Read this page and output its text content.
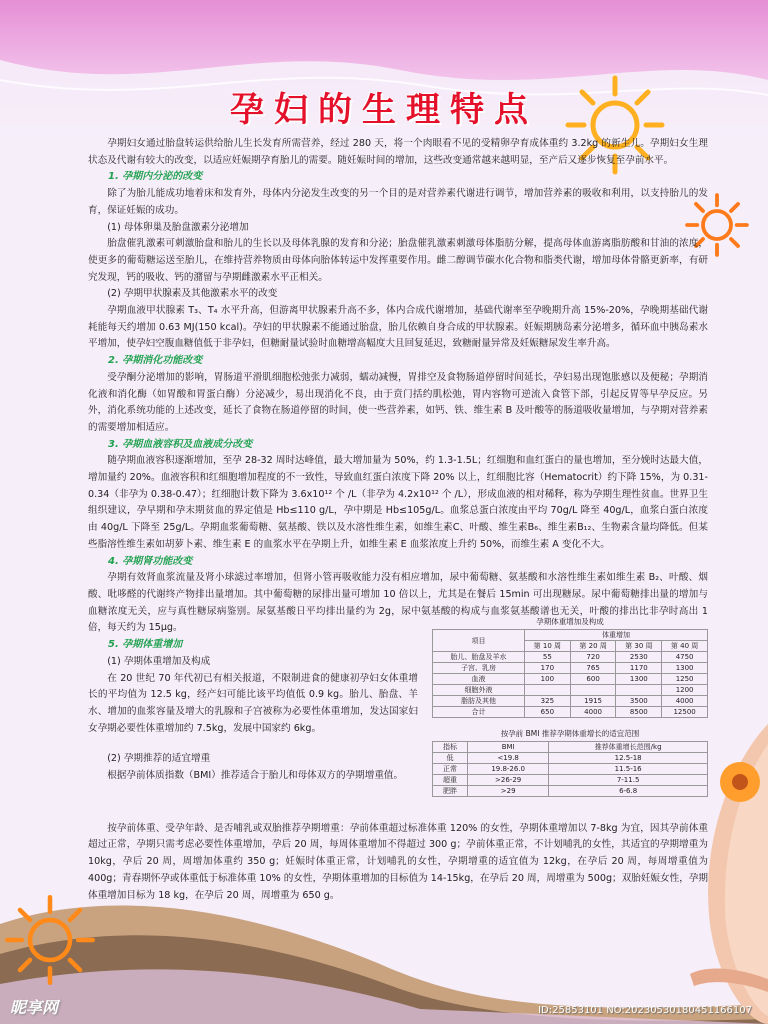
孕妇的生理特点

孕期妇女通过胎盘转运供给胎儿生长发育所需营养，经过 280 天，将一个肉眼看不见的受精卵孕育成体重约 3.2kg 的新生儿。孕期妇女生理状态及代谢有较大的改变，以适应妊娠期孕育胎儿的需要。随妊娠时间的增加，这些改变通常越来越明显，至产后又逐步恢复至孕前水平。

1. 孕期内分泌的改变

除了为胎儿能成功地着床和发育外，母体内分泌发生改变的另一个目的是对营养素代谢进行调节，增加营养素的吸收和利用，以支持胎儿的发育，保证妊娠的成功。

(1) 母体卵巢及胎盘激素分泌增加

胎盘催乳激素可刺激胎盘和胎儿的生长以及母体乳腺的发育和分泌；胎盘催乳激素刺激母体脂肪分解，提高母体血游离脂肪酸和甘油的浓度，使更多的葡萄糖运送至胎儿，在维持营养物质由母体向胎体转运中发挥重要作用。雌二醇调节碳水化合物和脂类代谢，增加母体骨骼更新率，有研究发现，钙的吸收、钙的潴留与孕期雌激素水平正相关。

(2) 孕期甲状腺素及其他激素水平的改变

孕期血液甲状腺素 T₃、T₄ 水平升高，但游离甲状腺素升高不多，体内合成代谢增加，基础代谢率至孕晚期升高 15%-20%，孕晚期基础代谢耗能每天约增加 0.63 MJ(150 kcal)。孕妇的甲状腺素不能通过胎盘，胎儿依赖自身合成的甲状腺素。妊娠期胰岛素分泌增多，循环血中胰岛素水平增加，使孕妇空腹血糖值低于非孕妇，但糖耐量试验时血糖增高幅度大且回复延迟，致糖耐量异常及妊娠糖尿发生率升高。

2. 孕期消化功能改变

受孕酮分泌增加的影响，胃肠道平滑肌细胞松弛张力减弱，蠕动减慢，胃排空及食物肠道停留时间延长，孕妇易出现饱胀感以及便秘；孕期消化液和消化酶（如胃酸和胃蛋白酶）分泌减少，易出现消化不良，由于贲门括约肌松弛，胃内容物可逆流入食管下部，引起反胃等早孕反应。另外，消化系统功能的上述改变，延长了食物在肠道停留的时间，使一些营养素，如钙、铁、维生素 B 及叶酸等的肠道吸收量增加，与孕期对营养素的需要增加相适应。

3. 孕期血液容积及血液成分改变

随孕期血液容积逐渐增加，至孕 28-32 周时达峰值，最大增加量为 50%，约 1.3-1.5L；红细胞和血红蛋白的量也增加，至分娩时达最大值，增加量约 20%。血液容积和红细胞增加程度的不一致性，导致血红蛋白浓度下降 20% 以上，红细胞比容（Hematocrit）约下降 15%，为 0.31-0.34（非孕为 0.38-0.47）；红细胞计数下降为 3.6x10¹² 个 /L（非孕为 4.2x10¹² 个 /L），形成血液的相对稀释，称为孕期生理性贫血。世界卫生组织建议，孕早期和孕末期贫血的界定值是 Hb≤110 g/L，孕中期是 Hb≤105g/L。血浆总蛋白浓度由平均 70g/L 降至 40g/L，血浆白蛋白浓度由 40g/L 下降至 25g/L。孕期血浆葡萄糖、氨基酸、铁以及水溶性维生素，如维生素C、叶酸、维生素B₆、维生素B₁₂、生物素含量均降低。但某些脂溶性维生素如胡萝卜素、维生素 E 的血浆水平在孕期上升，如维生素 E 血浆浓度上升约 50%，而维生素 A 变化不大。

4. 孕期肾功能改变

孕期有效肾血浆流量及肾小球滤过率增加，但肾小管再吸收能力没有相应增加，尿中葡萄糖、氨基酸和水溶性维生素如维生素 B₂、叶酸、烟酸、吡哆醛的代谢终产物排出量增加。其中葡萄糖的尿排出量可增加 10 倍以上，尤其是在餐后 15min 可出现糖尿。尿中葡萄糖排出量的增加与血糖浓度无关，应与真性糖尿病鉴别。尿氨基酸日平均排出量约为 2g，尿中氨基酸的构成与血浆氨基酸谱也无关，叶酸的排出比非孕时高出 1 倍，每天约为 15μg。

5. 孕期体重增加

(1) 孕期体重增加及构成

在 20 世纪 70 年代初已有相关报道，不限制进食的健康初孕妇女体重增长的平均值为 12.5 kg，经产妇可能比该平均值低 0.9 kg。胎儿、胎盘、羊水、增加的血浆容量及增大的乳腺和子宫被称为必要性体重增加，发达国家妇女孕期必要性体重增加约 7.5kg，发展中国家约 6kg。

(2) 孕期推荐的适宜增重

根据孕前体质指数（BMI）推荐适合于胎儿和母体双方的孕期增重值。

按孕前体重、受孕年龄、是否哺乳或双胎推荐孕期增重：孕前体重超过标准体重 120% 的女性，孕期体重增加以 7-8kg 为宜，因其孕前体重超过正常，孕期只需考虑必要性体重增加，孕后 20 周，每周体重增加不得超过 300 g；孕前体重正常，不计划哺乳的女性，其适宜的孕期增重为 10kg，孕后 20 周，周增加体重约 350 g；妊娠时体重正常，计划哺乳的女性，孕期增重的适宜值为 12kg，在孕后 20 周，每周增重值为 400g；青春期怀孕或体重低于标准体重 10% 的女性，孕期体重增加的目标值为 14-15kg，在孕后 20 周，周增重为 500g；双胎妊娠女性，孕期体重增加目标为 18 kg，在孕后 20 周，周增重为 650 g。

孕期体重增加及构成
项目	体重增加			
	第 10 周	第 20 周	第 30 周	第 40 周
胎儿、胎盘及羊水	55	720	2530	4750
子宫、乳房	170	765	1170	1300
血液	100	600	1300	1250
细胞外液				1200
脂肪及其他	325	1915	3500	4000
合计	650	4000	8500	12500
按孕前 BMI 推荐孕期体重增长的适宜范围
指标	BMI	推荐体重增长范围/kg
低	<19.8	12.5-18
正常	19.8-26.0	11.5-16
超重	>26-29	7-11.5
肥胖	>29	6-6.8
昵享网	ID:25853101 NO:20230530180451166107
